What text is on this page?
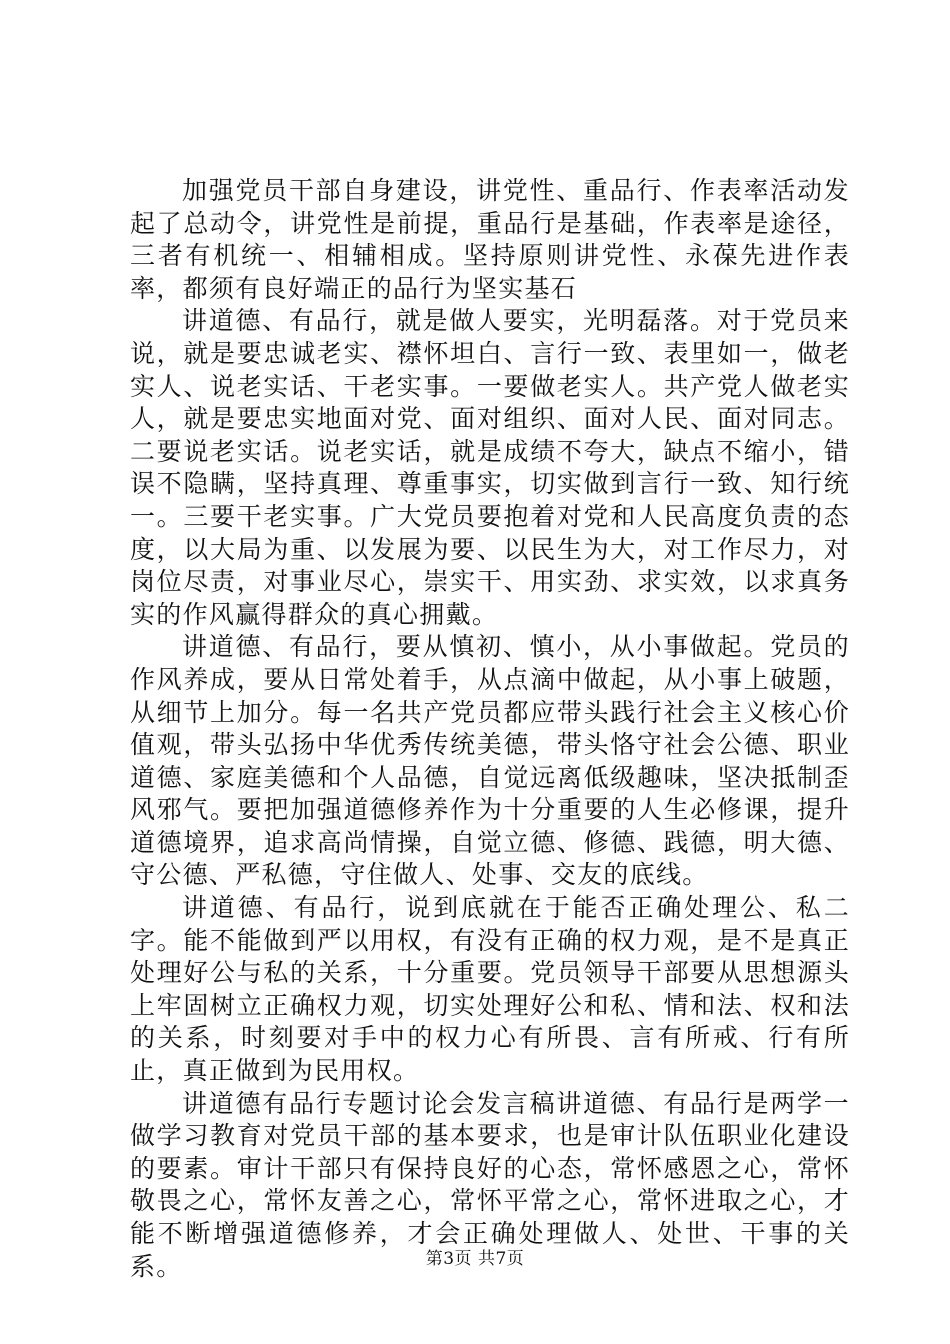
加强党员干部自身建设，讲党性、重品行、作表率活动发起了总动令，讲党性是前提，重品行是基础，作表率是途径，三者有机统一、相辅相成。坚持原则讲党性、永葆先进作表率，都须有良好端正的品行为坚实基石

讲道德、有品行，就是做人要实，光明磊落。对于党员来说，就是要忠诚老实、襟怀坦白、言行一致、表里如一，做老实人、说老实话、干老实事。一要做老实人。共产党人做老实人，就是要忠实地面对党、面对组织、面对人民、面对同志。二要说老实话。说老实话，就是成绩不夸大，缺点不缩小，错误不隐瞒，坚持真理、尊重事实，切实做到言行一致、知行统一。三要干老实事。广大党员要抱着对党和人民高度负责的态度，以大局为重、以发展为要、以民生为大，对工作尽力，对岗位尽责，对事业尽心，崇实干、用实劲、求实效，以求真务实的作风赢得群众的真心拥戴。

讲道德、有品行，要从慎初、慎小，从小事做起。党员的作风养成，要从日常处着手，从点滴中做起，从小事上破题，从细节上加分。每一名共产党员都应带头践行社会主义核心价值观，带头弘扬中华优秀传统美德，带头恪守社会公德、职业道德、家庭美德和个人品德，自觉远离低级趣味，坚决抵制歪风邪气。要把加强道德修养作为十分重要的人生必修课，提升道德境界，追求高尚情操，自觉立德、修德、践德，明大德、守公德、严私德，守住做人、处事、交友的底线。

讲道德、有品行，说到底就在于能否正确处理公、私二字。能不能做到严以用权，有没有正确的权力观，是不是真正处理好公与私的关系，十分重要。党员领导干部要从思想源头上牢固树立正确权力观，切实处理好公和私、情和法、权和法的关系，时刻要对手中的权力心有所畏、言有所戒、行有所止，真正做到为民用权。

讲道德有品行专题讨论会发言稿讲道德、有品行是两学一做学习教育对党员干部的基本要求，也是审计队伍职业化建设的要素。审计干部只有保持良好的心态，常怀感恩之心，常怀敬畏之心，常怀友善之心，常怀平常之心，常怀进取之心，才能不断增强道德修养，才会正确处理做人、处世、干事的关系。	第3页 共7页
